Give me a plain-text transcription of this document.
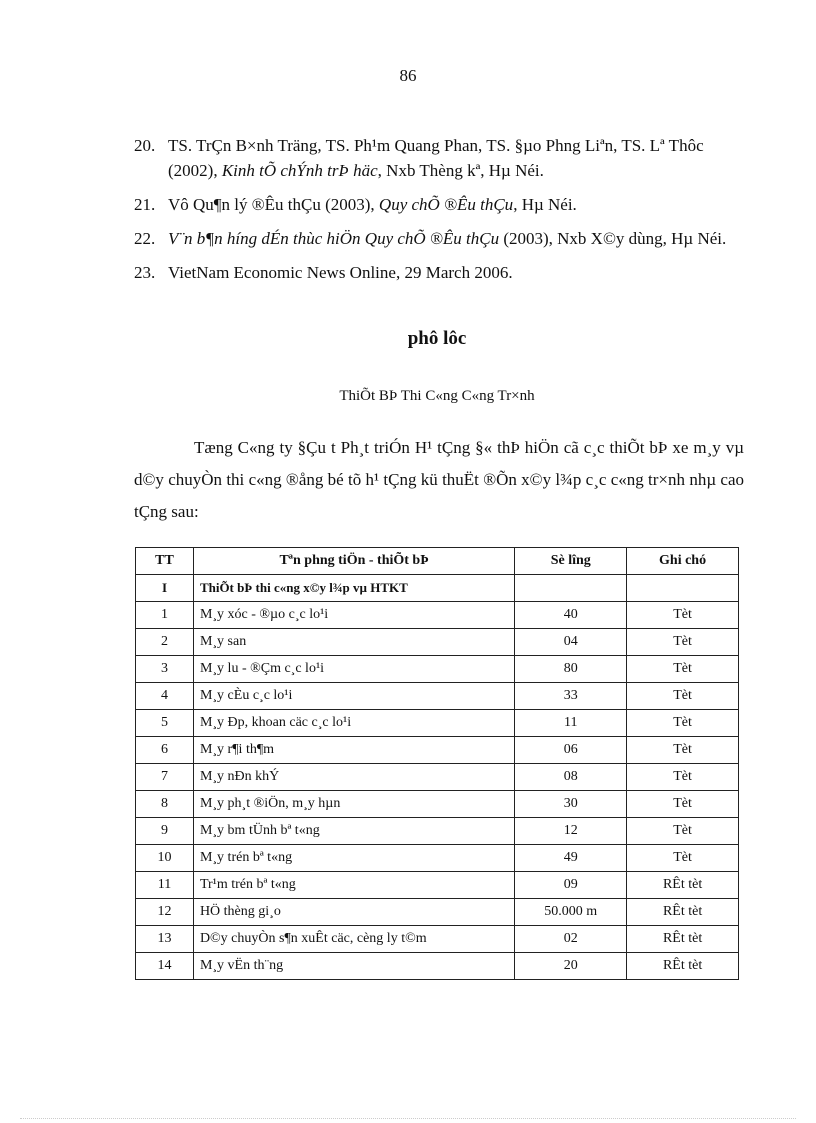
86
20. TS. TrÇn B×nh Träng, TS. Ph¹m Quang Phan, TS. §µo Phng Liªn, TS. Lª Thôc (2002), Kinh tÕ chÝnh trÞ häc, Nxb Thèng kª, Hµ Néi.
21. Vô Qu¶n lý ®Êu thÇu (2003), Quy chÕ ®Êu thÇu, Hµ Néi.
22. V¨n b¶n híng dÉn thùc hiÖn Quy chÕ ®Êu thÇu (2003), Nxb X©y dùng, Hµ Néi.
23. VietNam Economic News Online, 29 March 2006.
phô lôc
ThiÕt BÞ Thi C«ng C«ng Tr×nh
Tæng C«ng ty §Çu t Ph¸t triÓn H¹ tÇng §« thÞ hiÖn cã c¸c thiÕt bÞ xe m¸y vµ d©y chuyÒn thi c«ng ®ång bé tõ h¹ tÇng kü thuËt ®Õn x©y l¾p c¸c c«ng tr×nh nhµ cao tÇng sau:
TT	Tªn phng tiÖn - thiÕt bÞ	Sè lîng	Ghi chó
I	ThiÕt bÞ thi c«ng x©y l¾p vµ HTKT		
1	M¸y xóc - ®µo c¸c lo¹i	40	Tèt
2	M¸y san	04	Tèt
3	M¸y lu - ®Çm c¸c lo¹i	80	Tèt
4	M¸y cÈu c¸c lo¹i	33	Tèt
5	M¸y Ðp, khoan cäc c¸c lo¹i	11	Tèt
6	M¸y r¶i th¶m	06	Tèt
7	M¸y nÐn khÝ	08	Tèt
8	M¸y ph¸t ®iÖn, m¸y hµn	30	Tèt
9	M¸y bm tÜnh bª t«ng	12	Tèt
10	M¸y trén bª t«ng	49	Tèt
11	Tr¹m trén bª t«ng	09	RÊt tèt
12	HÖ thèng gi¸o	50.000 m	RÊt tèt
13	D©y chuyÒn s¶n xuÊt cäc, cèng ly t©m	02	RÊt tèt
14	M¸y vËn th¨ng	20	RÊt tèt
